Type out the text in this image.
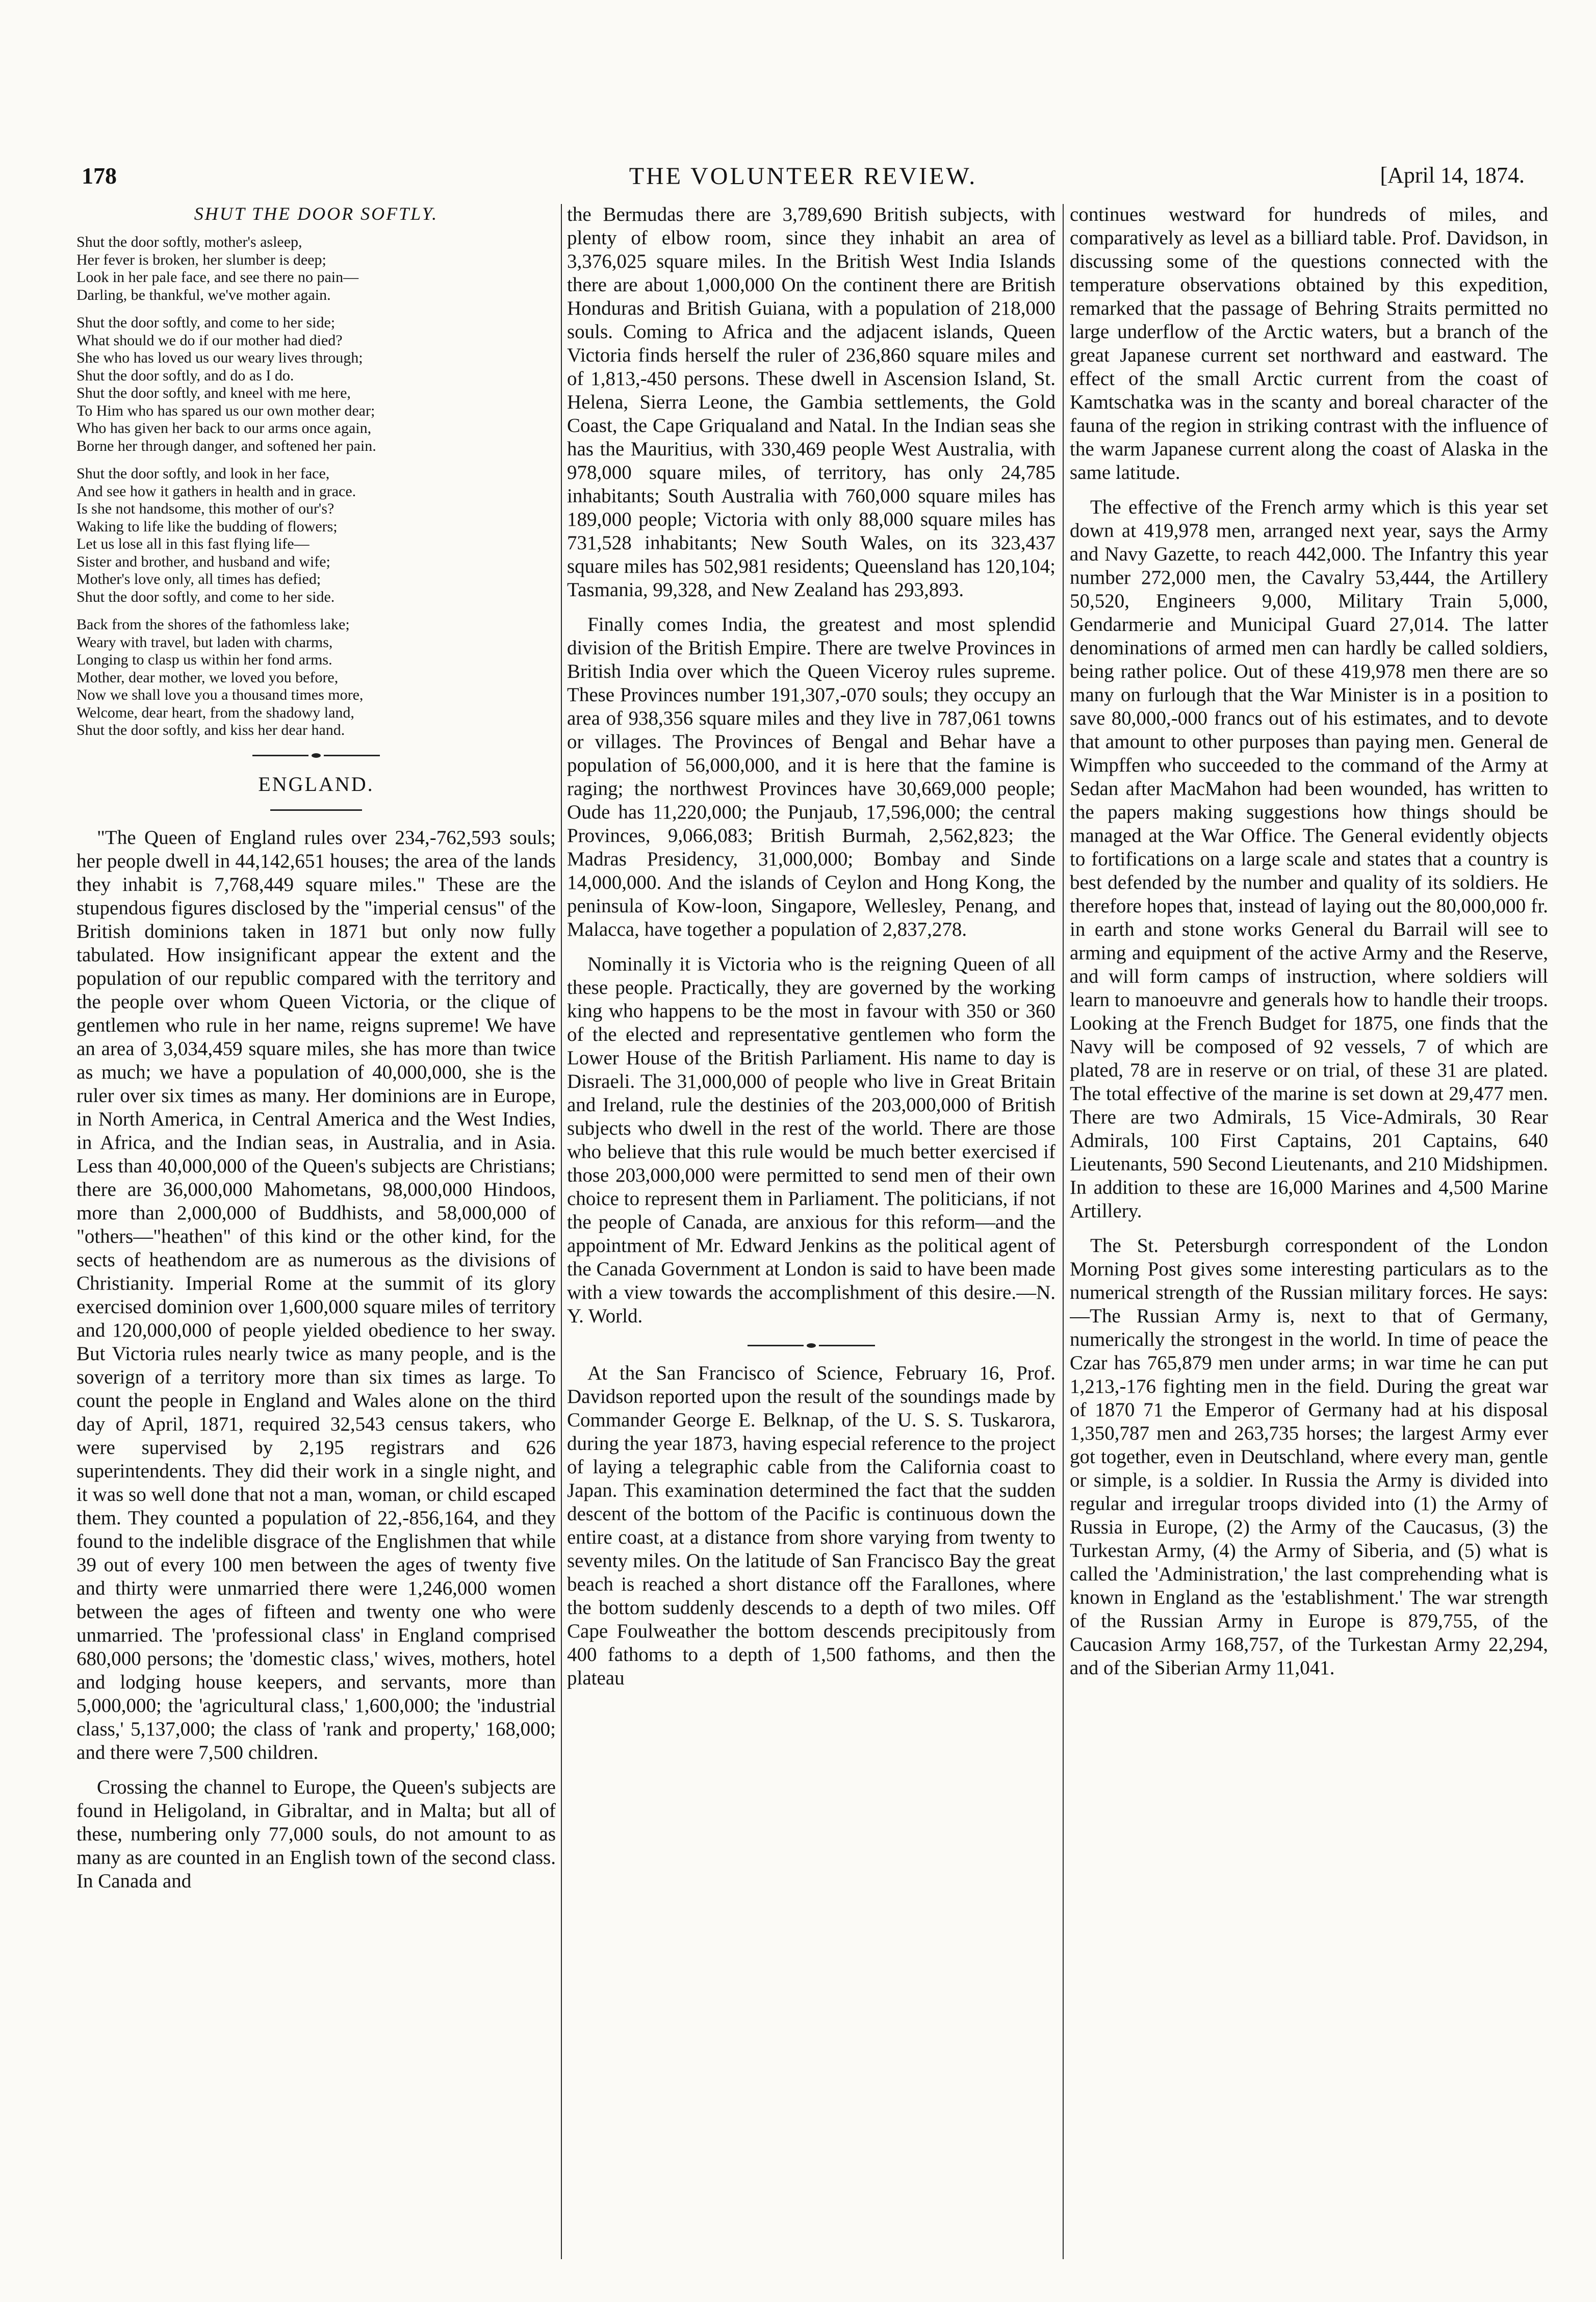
178	THE VOLUNTEER REVIEW.	[April 14, 1874.
SHUT THE DOOR SOFTLY.
Shut the door softly, mother's asleep,
Her fever is broken, her slumber is deep;
Look in her pale face, and see there no pain—
Darling, be thankful, we've mother again.
Shut the door softly, and come to her side;
What should we do if our mother had died?
She who has loved us our weary lives through;
Shut the door softly, and do as I do.
Shut the door softly, and kneel with me here,
To Him who has spared us our own mother dear;
Who has given her back to our arms once again,
Borne her through danger, and softened her pain.
Shut the door softly, and look in her face,
And see how it gathers in health and in grace.
Is she not handsome, this mother of our's?
Waking to life like the budding of flowers;
Let us lose all in this fast flying life—
Sister and brother, and husband and wife;
Mother's love only, all times has defied;
Shut the door softly, and come to her side.
Back from the shores of the fathomless lake;
Weary with travel, but laden with charms,
Longing to clasp us within her fond arms.
Mother, dear mother, we loved you before,
Now we shall love you a thousand times more,
Welcome, dear heart, from the shadowy land,
Shut the door softly, and kiss her dear hand.
ENGLAND.

"The Queen of England rules over 234,-762,593 souls; her people dwell in 44,142,651 houses; the area of the lands they inhabit is 7,768,449 square miles." These are the stupendous figures disclosed by the "imperial census" of the British dominions taken in 1871 but only now fully tabulated. How insignificant appear the extent and the population of our republic compared with the territory and the people over whom Queen Victoria, or the clique of gentlemen who rule in her name, reigns supreme! We have an area of 3,034,459 square miles, she has more than twice as much; we have a population of 40,000,000, she is the ruler over six times as many. Her dominions are in Europe, in North America, in Central America and the West Indies, in Africa, and the Indian seas, in Australia, and in Asia. Less than 40,000,000 of the Queen's subjects are Christians; there are 36,000,000 Mahometans, 98,000,000 Hindoos, more than 2,000,000 of Buddhists, and 58,000,000 of "others—"heathen" of this kind or the other kind, for the sects of heathendom are as numerous as the divisions of Christianity. Imperial Rome at the summit of its glory exercised dominion over 1,600,000 square miles of territory and 120,000,000 of people yielded obedience to her sway. But Victoria rules nearly twice as many people, and is the soverign of a territory more than six times as large. To count the people in England and Wales alone on the third day of April, 1871, required 32,543 census takers, who were supervised by 2,195 registrars and 626 superintendents. They did their work in a single night, and it was so well done that not a man, woman, or child escaped them. They counted a population of 22,-856,164, and they found to the indelible disgrace of the Englishmen that while 39 out of every 100 men between the ages of twenty five and thirty were unmarried there were 1,246,000 women between the ages of fifteen and twenty one who were unmarried. The 'professional class' in England comprised 680,000 persons; the 'domestic class,' wives, mothers, hotel and lodging house keepers, and servants, more than 5,000,000; the 'agricultural class,' 1,600,000; the 'industrial class,' 5,137,000; the class of 'rank and property,' 168,000; and there were 7,500 children.

Crossing the channel to Europe, the Queen's subjects are found in Heligoland, in Gibraltar, and in Malta; but all of these, numbering only 77,000 souls, do not amount to as many as are counted in an English town of the second class. In Canada and

the Bermudas there are 3,789,690 British subjects, with plenty of elbow room, since they inhabit an area of 3,376,025 square miles. In the British West India Islands there are about 1,000,000 On the continent there are British Honduras and British Guiana, with a population of 218,000 souls. Coming to Africa and the adjacent islands, Queen Victoria finds herself the ruler of 236,860 square miles and of 1,813,-450 persons. These dwell in Ascension Island, St. Helena, Sierra Leone, the Gambia settlements, the Gold Coast, the Cape Griqualand and Natal. In the Indian seas she has the Mauritius, with 330,469 people West Australia, with 978,000 square miles, of territory, has only 24,785 inhabitants; South Australia with 760,000 square miles has 189,000 people; Victoria with only 88,000 square miles has 731,528 inhabitants; New South Wales, on its 323,437 square miles has 502,981 residents; Queensland has 120,104; Tasmania, 99,328, and New Zealand has 293,893.

Finally comes India, the greatest and most splendid division of the British Empire. There are twelve Provinces in British India over which the Queen Viceroy rules supreme. These Provinces number 191,307,-070 souls; they occupy an area of 938,356 square miles and they live in 787,061 towns or villages. The Provinces of Bengal and Behar have a population of 56,000,000, and it is here that the famine is raging; the northwest Provinces have 30,669,000 people; Oude has 11,220,000; the Punjaub, 17,596,000; the central Provinces, 9,066,083; British Burmah, 2,562,823; the Madras Presidency, 31,000,000; Bombay and Sinde 14,000,000. And the islands of Ceylon and Hong Kong, the peninsula of Kow-loon, Singapore, Wellesley, Penang, and Malacca, have together a population of 2,837,278.

Nominally it is Victoria who is the reigning Queen of all these people. Practically, they are governed by the working king who happens to be the most in favour with 350 or 360 of the elected and representative gentlemen who form the Lower House of the British Parliament. His name to day is Disraeli. The 31,000,000 of people who live in Great Britain and Ireland, rule the destinies of the 203,000,000 of British subjects who dwell in the rest of the world. There are those who believe that this rule would be much better exercised if those 203,000,000 were permitted to send men of their own choice to represent them in Parliament. The politicians, if not the people of Canada, are anxious for this reform—and the appointment of Mr. Edward Jenkins as the political agent of the Canada Government at London is said to have been made with a view towards the accomplishment of this desire.—N. Y. World.

At the San Francisco of Science, February 16, Prof. Davidson reported upon the result of the soundings made by Commander George E. Belknap, of the U. S. S. Tuskarora, during the year 1873, having especial reference to the project of laying a telegraphic cable from the California coast to Japan. This examination determined the fact that the sudden descent of the bottom of the Pacific is continuous down the entire coast, at a distance from shore varying from twenty to seventy miles. On the latitude of San Francisco Bay the great beach is reached a short distance off the Farallones, where the bottom suddenly descends to a depth of two miles. Off Cape Foulweather the bottom descends precipitously from 400 fathoms to a depth of 1,500 fathoms, and then the plateau

continues westward for hundreds of miles, and comparatively as level as a billiard table. Prof. Davidson, in discussing some of the questions connected with the temperature observations obtained by this expedition, remarked that the passage of Behring Straits permitted no large underflow of the Arctic waters, but a branch of the great Japanese current set northward and eastward. The effect of the small Arctic current from the coast of Kamtschatka was in the scanty and boreal character of the fauna of the region in striking contrast with the influence of the warm Japanese current along the coast of Alaska in the same latitude.

The effective of the French army which is this year set down at 419,978 men, arranged next year, says the Army and Navy Gazette, to reach 442,000. The Infantry this year number 272,000 men, the Cavalry 53,444, the Artillery 50,520, Engineers 9,000, Military Train 5,000, Gendarmerie and Municipal Guard 27,014. The latter denominations of armed men can hardly be called soldiers, being rather police. Out of these 419,978 men there are so many on furlough that the War Minister is in a position to save 80,000,-000 francs out of his estimates, and to devote that amount to other purposes than paying men. General de Wimpffen who succeeded to the command of the Army at Sedan after MacMahon had been wounded, has written to the papers making suggestions how things should be managed at the War Office. The General evidently objects to fortifications on a large scale and states that a country is best defended by the number and quality of its soldiers. He therefore hopes that, instead of laying out the 80,000,000 fr. in earth and stone works General du Barrail will see to arming and equipment of the active Army and the Reserve, and will form camps of instruction, where soldiers will learn to manoeuvre and generals how to handle their troops. Looking at the French Budget for 1875, one finds that the Navy will be composed of 92 vessels, 7 of which are plated, 78 are in reserve or on trial, of these 31 are plated. The total effective of the marine is set down at 29,477 men. There are two Admirals, 15 Vice-Admirals, 30 Rear Admirals, 100 First Captains, 201 Captains, 640 Lieutenants, 590 Second Lieutenants, and 210 Midshipmen. In addition to these are 16,000 Marines and 4,500 Marine Artillery.

The St. Petersburgh correspondent of the London Morning Post gives some interesting particulars as to the numerical strength of the Russian military forces. He says:—The Russian Army is, next to that of Germany, numerically the strongest in the world. In time of peace the Czar has 765,879 men under arms; in war time he can put 1,213,-176 fighting men in the field. During the great war of 1870 71 the Emperor of Germany had at his disposal 1,350,787 men and 263,735 horses; the largest Army ever got together, even in Deutschland, where every man, gentle or simple, is a soldier. In Russia the Army is divided into regular and irregular troops divided into (1) the Army of Russia in Europe, (2) the Army of the Caucasus, (3) the Turkestan Army, (4) the Army of Siberia, and (5) what is called the 'Administration,' the last comprehending what is known in England as the 'establishment.' The war strength of the Russian Army in Europe is 879,755, of the Caucasion Army 168,757, of the Turkestan Army 22,294, and of the Siberian Army 11,041.
